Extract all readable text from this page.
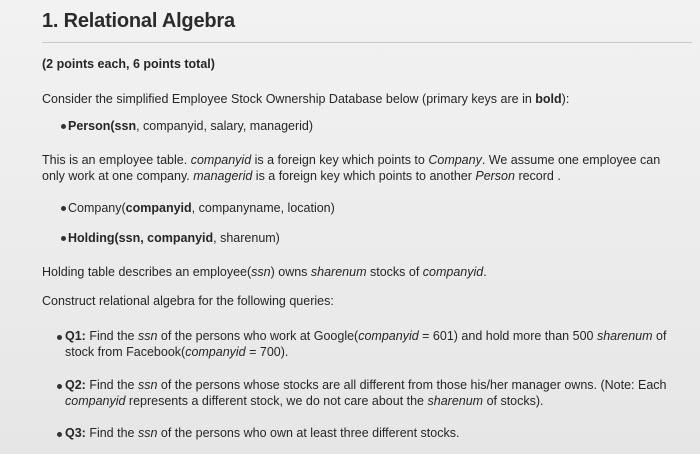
1. Relational Algebra
(2 points each, 6 points total)
Consider the simplified Employee Stock Ownership Database below (primary keys are in bold):
Person(ssn, companyid, salary, managerid)
This is an employee table. companyid is a foreign key which points to Company. We assume one employee can
only work at one company. managerid is a foreign key which points to another Person record .
Company(companyid, companyname, location)
Holding(ssn, companyid, sharenum)
Holding table describes an employee(ssn) owns sharenum stocks of companyid.
Construct relational algebra for the following queries:
Q1: Find the ssn of the persons who work at Google(companyid = 601) and hold more than 500 sharenum of
stock from Facebook(companyid = 700).
Q2: Find the ssn of the persons whose stocks are all different from those his/her manager owns. (Note: Each
companyid represents a different stock, we do not care about the sharenum of stocks).
Q3: Find the ssn of the persons who own at least three different stocks.
